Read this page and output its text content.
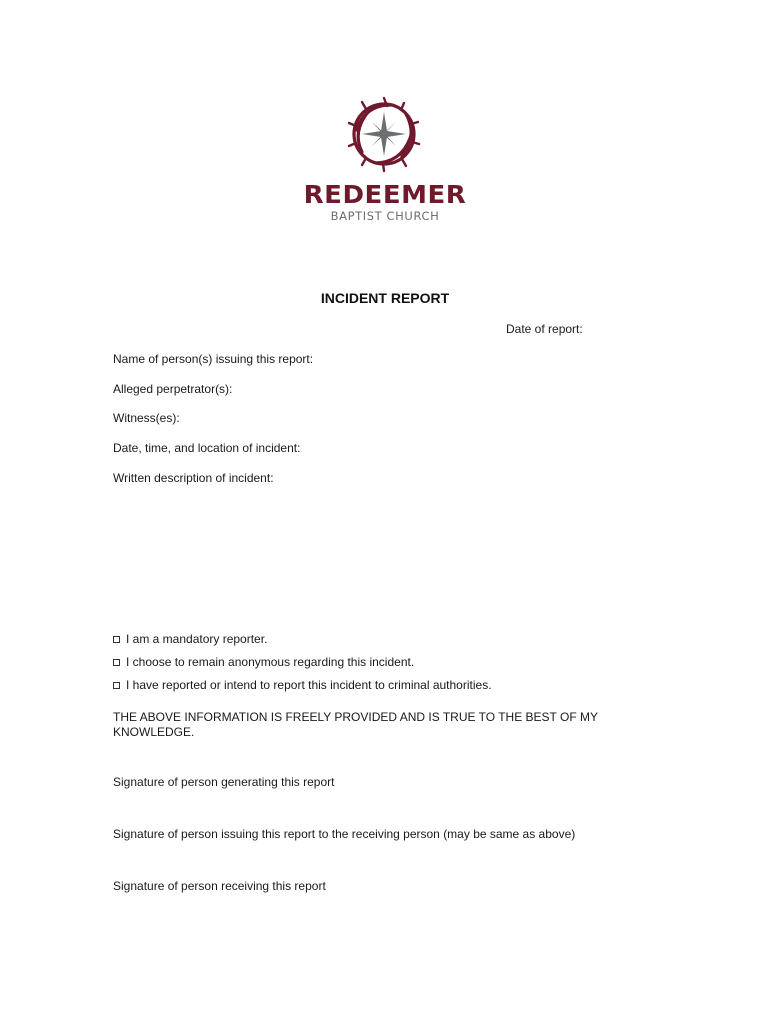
REDEEMER
BAPTIST CHURCH
INCIDENT REPORT
Date of report:
Name of person(s) issuing this report:
Alleged perpetrator(s):
Witness(es):
Date, time, and location of incident:
Written description of incident:
I am a mandatory reporter.
I choose to remain anonymous regarding this incident.
I have reported or intend to report this incident to criminal authorities.
THE ABOVE INFORMATION IS FREELY PROVIDED AND IS TRUE TO THE BEST OF MY KNOWLEDGE.
Signature of person generating this report
Signature of person issuing this report to the receiving person (may be same as above)
Signature of person receiving this report
